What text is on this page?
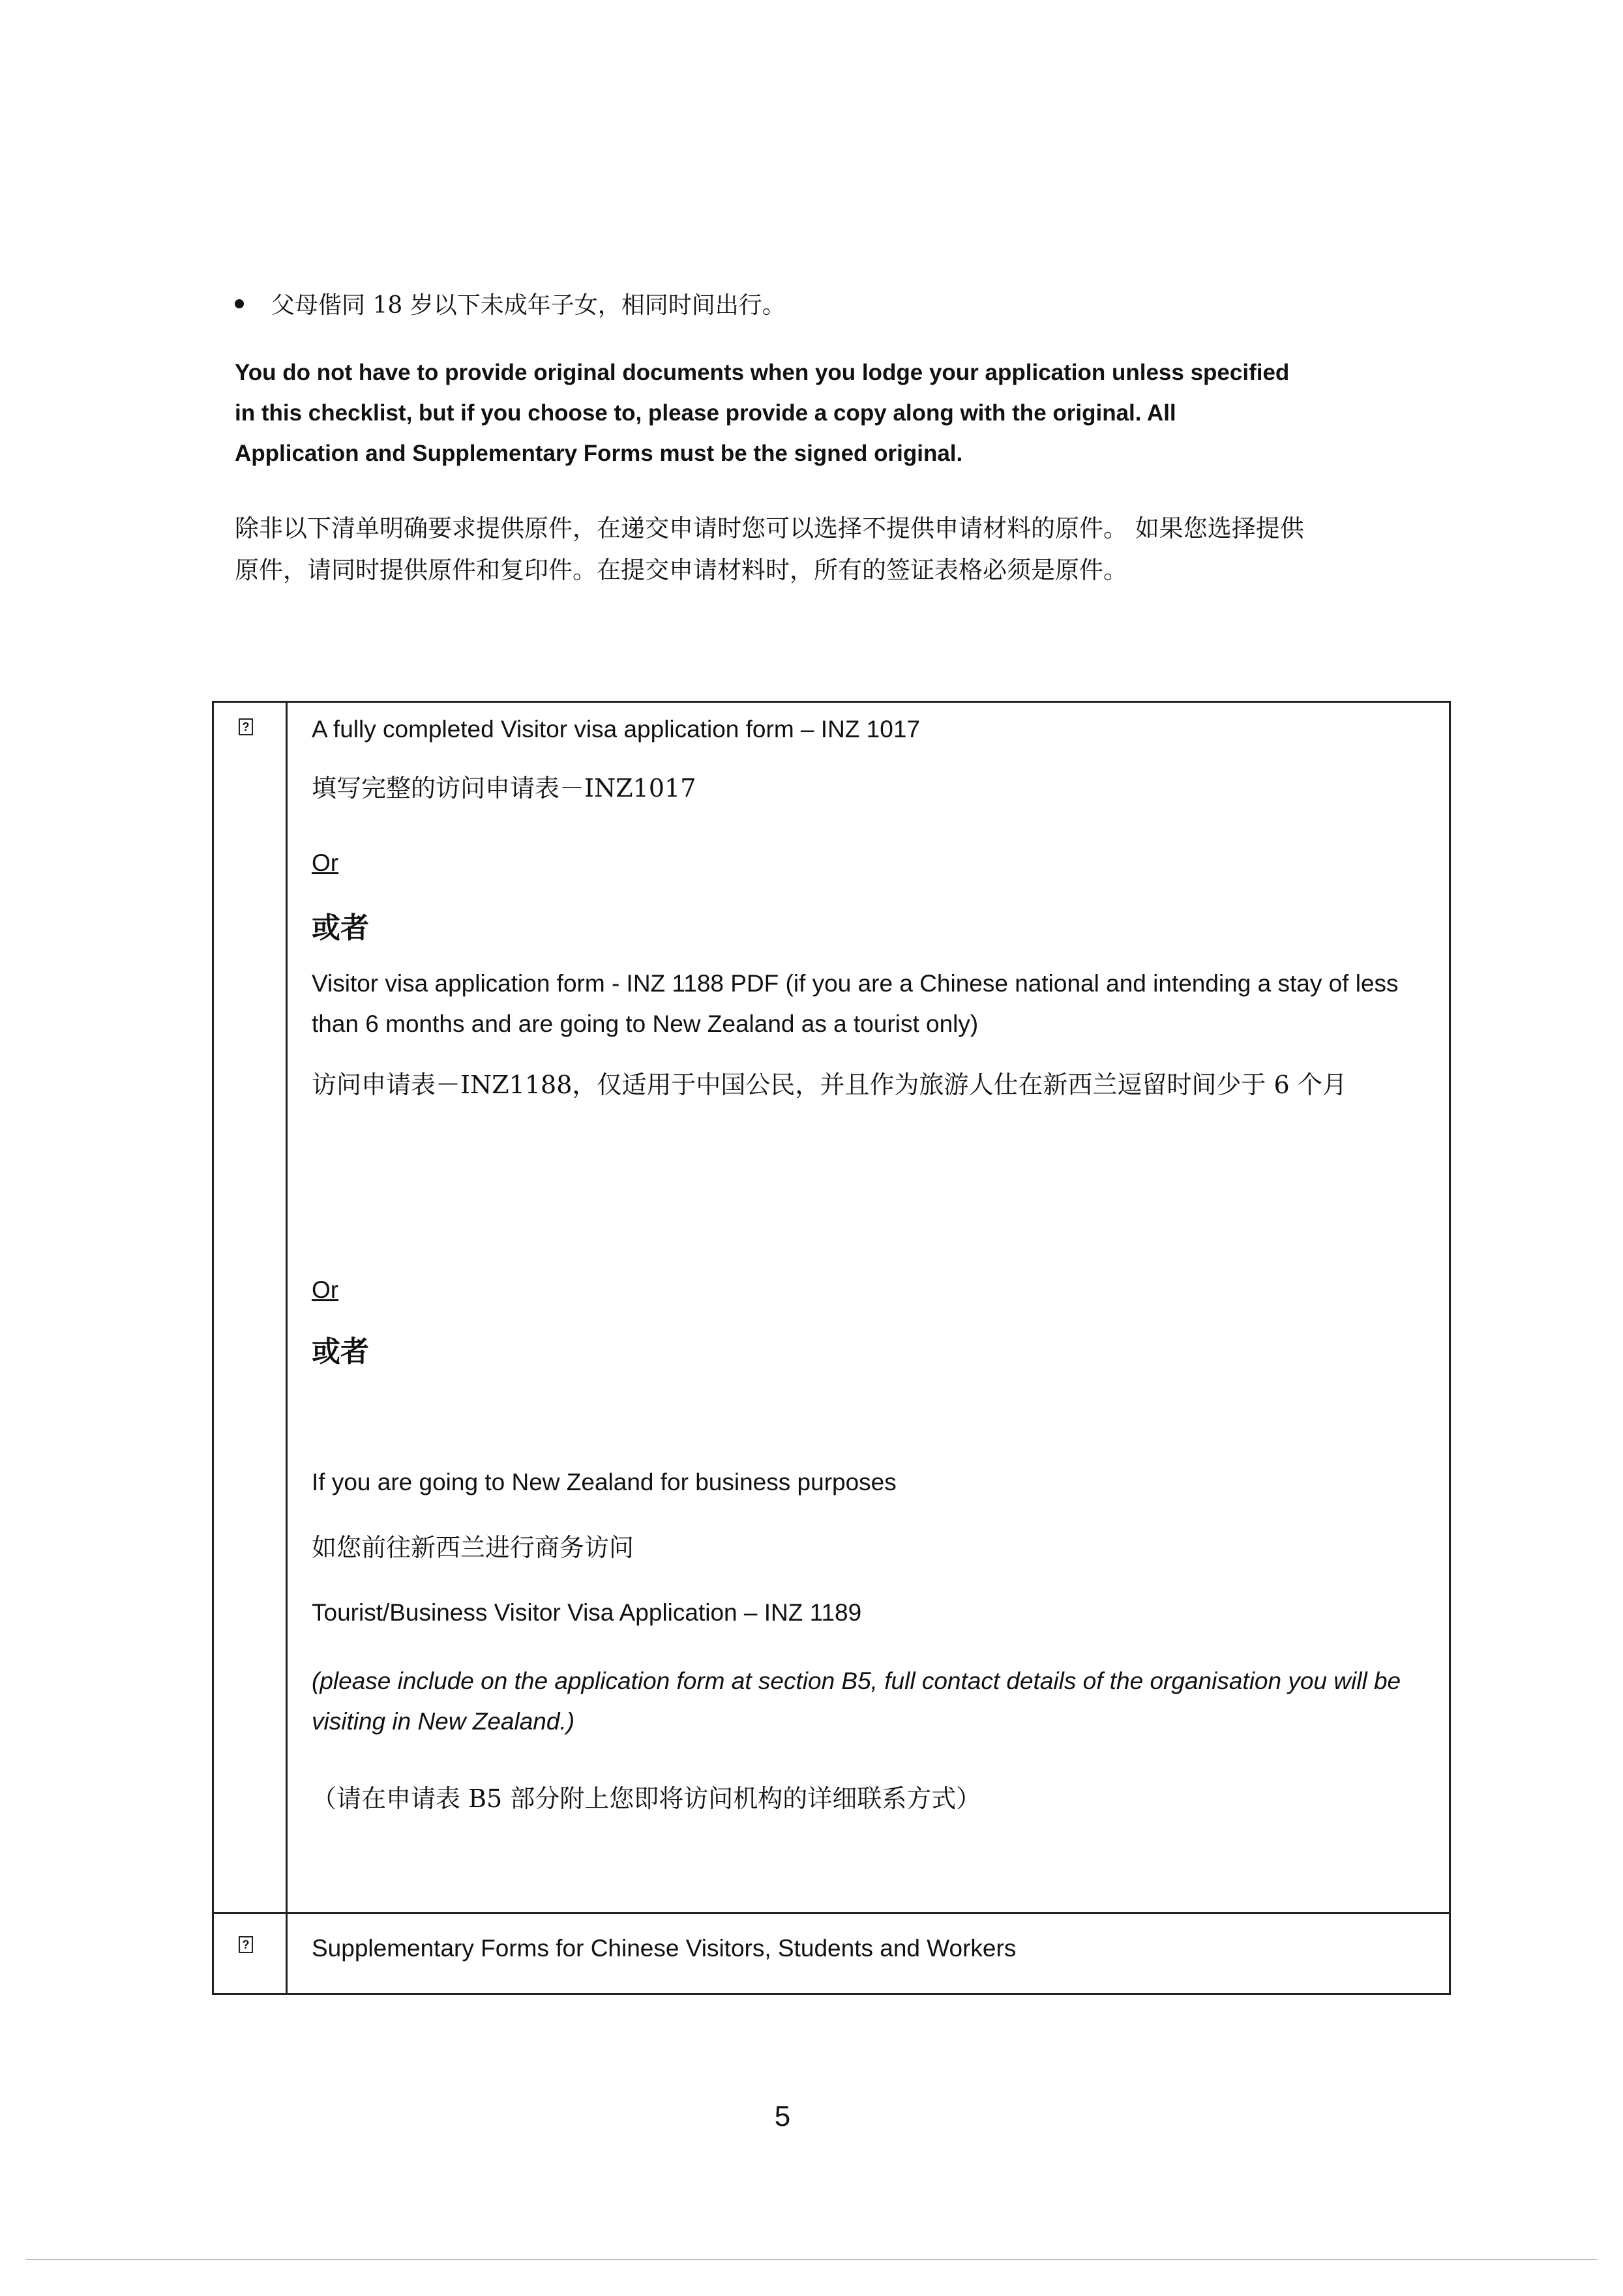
父母偕同 18 岁以下未成年子女，相同时间出行。

You do not have to provide original documents when you lodge your application unless specified in this checklist, but if you choose to, please provide a copy along with the original. All Application and Supplementary Forms must be the signed original.

除非以下清单明确要求提供原件，在递交申请时您可以选择不提供申请材料的原件。 如果您选择提供原件，请同时提供原件和复印件。在提交申请材料时，所有的签证表格必须是原件。

?	A fully completed Visitor visa application form – INZ 1017
填写完整的访问申请表－INZ1017
Or
或者
Visitor visa application form - INZ 1188 PDF (if you are a Chinese national and intending a stay of less than 6 months and are going to New Zealand as a tourist only)
访问申请表－INZ1188，仅适用于中国公民，并且作为旅游人仕在新西兰逗留时间少于 6 个月
Or
或者
If you are going to New Zealand for business purposes
如您前往新西兰进行商务访问
Tourist/Business Visitor Visa Application – INZ 1189
(please include on the application form at section B5, full contact details of the organisation you will be visiting in New Zealand.)
（请在申请表 B5 部分附上您即将访问机构的详细联系方式）
?	Supplementary Forms for Chinese Visitors, Students and Workers
5
